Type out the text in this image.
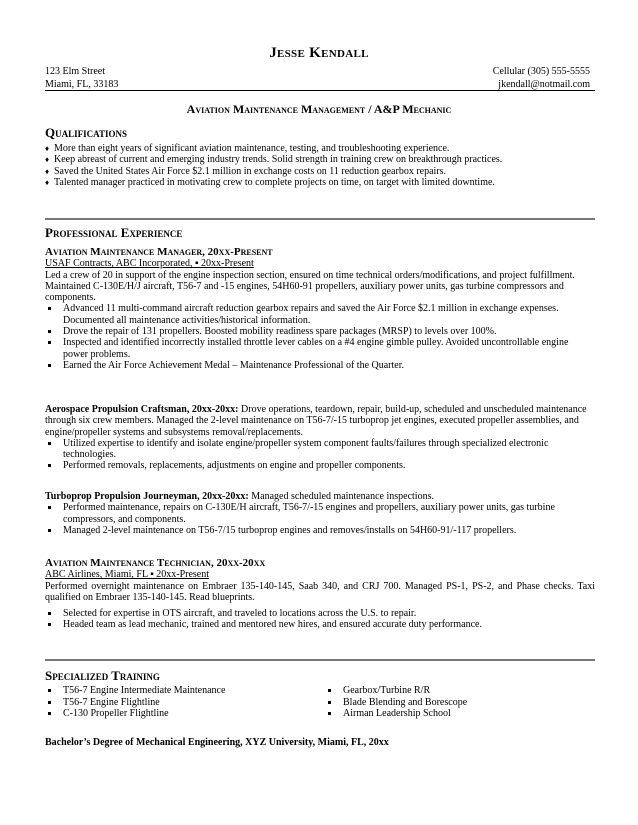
Jesse Kendall
123 Elm Street
Miami, FL, 33183
Cellular (305) 555-5555
jkendall@notmail.com
Aviation Maintenance Management / A&P Mechanic
Qualifications
♦ More than eight years of significant aviation maintenance, testing, and troubleshooting experience.
♦ Keep abreast of current and emerging industry trends. Solid strength in training crew on breakthrough practices.
♦ Saved the United States Air Force $2.1 million in exchange costs on 11 reduction gearbox repairs.
♦ Talented manager practiced in motivating crew to complete projects on time, on target with limited downtime.
Professional Experience
Aviation Maintenance Manager, 20xx-Present
USAF Contracts, ABC Incorporated, ▪ 20xx-Present
Led a crew of 20 in support of the engine inspection section, ensured on time technical orders/modifications, and project fulfillment. Maintained C-130E/H/J aircraft, T56-7 and -15 engines, 54H60-91 propellers, auxiliary power units, gas turbine compressors and components.
Advanced 11 multi-command aircraft reduction gearbox repairs and saved the Air Force $2.1 million in exchange expenses. Documented all maintenance activities/historical information.
Drove the repair of 131 propellers. Boosted mobility readiness spare packages (MRSP) to levels over 100%.
Inspected and identified incorrectly installed throttle lever cables on a #4 engine gimble pulley. Avoided uncontrollable engine power problems.
Earned the Air Force Achievement Medal – Maintenance Professional of the Quarter.
Aerospace Propulsion Craftsman, 20xx-20xx: Drove operations, teardown, repair, build-up, scheduled and unscheduled maintenance through six crew members. Managed the 2-level maintenance on T56-7/-15 turboprop jet engines, executed propeller assemblies, and engine/propeller systems and subsystems removal/replacements.
Utilized expertise to identify and isolate engine/propeller system component faults/failures through specialized electronic technologies.
Performed removals, replacements, adjustments on engine and propeller components.
Turboprop Propulsion Journeyman, 20xx-20xx: Managed scheduled maintenance inspections.
Performed maintenance, repairs on C-130E/H aircraft, T56-7/-15 engines and propellers, auxiliary power units, gas turbine compressors, and components.
Managed 2-level maintenance on T56-7/15 turboprop engines and removes/installs on 54H60-91/-117 propellers.
Aviation Maintenance Technician, 20xx-20xx
ABC Airlines, Miami, FL ▪ 20xx-Present
Performed overnight maintenance on Embraer 135-140-145, Saab 340, and CRJ 700. Managed PS-1, PS-2, and Phase checks. Taxi qualified on Embraer 135-140-145. Read blueprints.
Selected for expertise in OTS aircraft, and traveled to locations across the U.S. to repair.
Headed team as lead mechanic, trained and mentored new hires, and ensured accurate duty performance.
Specialized Training
T56-7 Engine Intermediate Maintenance
T56-7 Engine Flightline
C-130 Propeller Flightline
Gearbox/Turbine R/R
Blade Blending and Borescope
Airman Leadership School
Bachelor’s Degree of Mechanical Engineering, XYZ University, Miami, FL, 20xx
